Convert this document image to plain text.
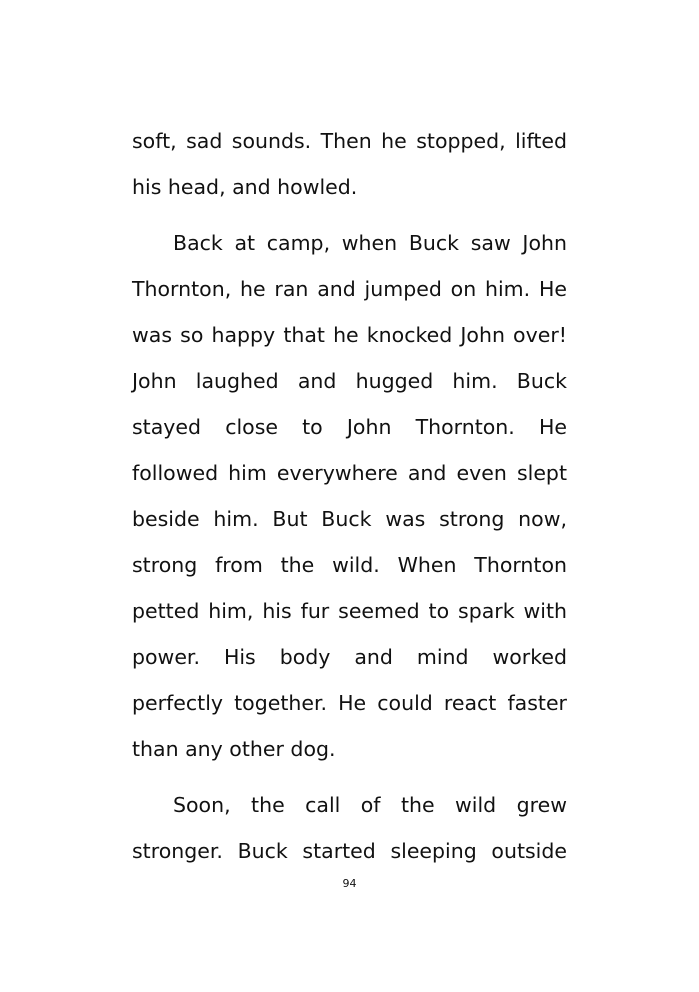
soft, sad sounds. Then he stopped, lifted
his head, and howled.
Back at camp, when Buck saw John
Thornton, he ran and jumped on him. He
was so happy that he knocked John over!
John laughed and hugged him. Buck
stayed close to John Thornton. He
followed him everywhere and even slept
beside him. But Buck was strong now,
strong from the wild. When Thornton
petted him, his fur seemed to spark with
power. His body and mind worked
perfectly together. He could react faster
than any other dog.
Soon, the call of the wild grew
stronger. Buck started sleeping outside
94
